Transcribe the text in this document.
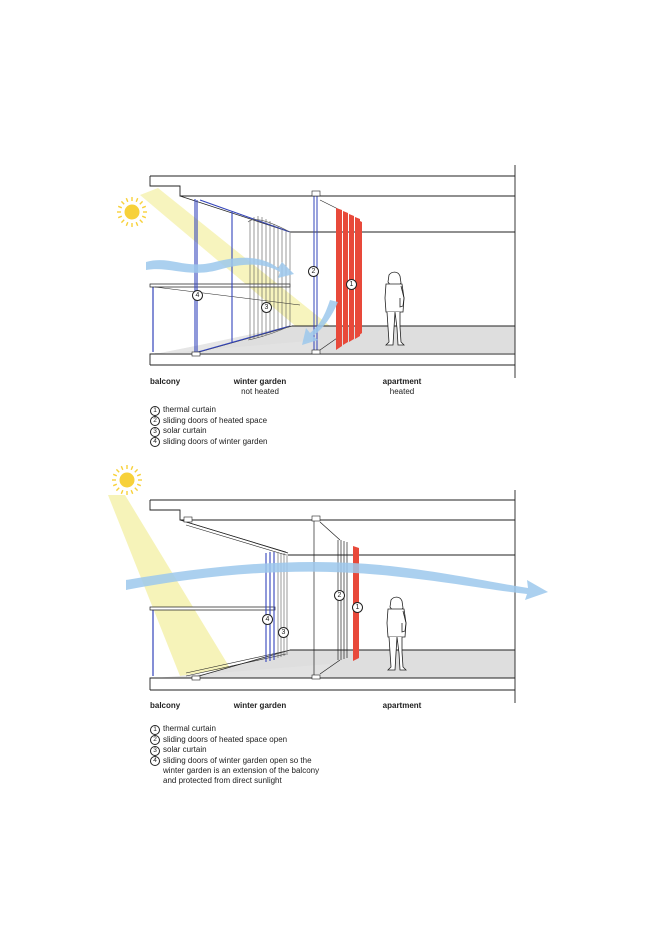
1
2
3
4
1
2
3
4
balcony	winter garden
not heated
apartment
heated
1 thermal curtain
2 sliding doors of heated space
3 solar curtain
4 sliding doors of winter garden
balcony	winter garden	apartment
1 thermal curtain
2 sliding doors of heated space open
3 solar curtain
4 sliding doors of winter garden open so the
winter garden is an extension of the balcony
and protected from direct sunlight
